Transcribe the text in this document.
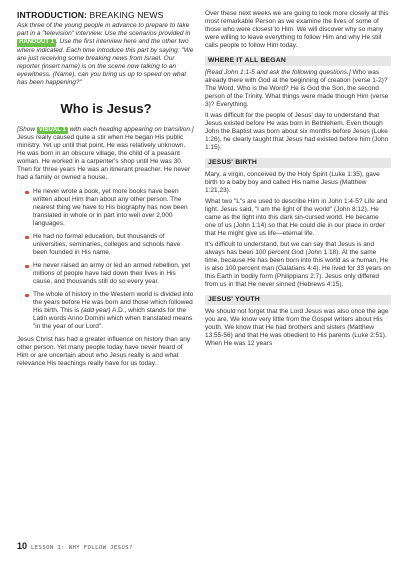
INTRODUCTION: BREAKING NEWS

Ask three of the young people in advance to prepare to take part in a "television" interview. Use the scenarios provided in HANDOUT 1 . Use the first interview here and the other two where indicated. Each time introduce this part by saying: "We are just receiving some breaking news from Israel. Our reporter (insert name) is on the scene now talking to an eyewitness. (Name), can you bring us up to speed on what has been happening?"

Who is Jesus?

[Show VISUAL 1 with each heading appearing on transition.] Jesus really caused quite a stir when He began His public ministry. Yet up until that point, He was relatively unknown. He was born in an obscure village, the child of a peasant woman. He worked in a carpenter's shop until He was 30. Then for three years He was an itinerant preacher. He never had a family or owned a house.

He never wrote a book, yet more books have been written about Him than about any other person. The nearest thing we have to His biography has now been translated in whole or in part into well over 2,000 languages.
He had no formal education, but thousands of universities, seminaries, colleges and schools have been founded in His name.
He never raised an army or led an armed rebellion, yet millions of people have laid down their lives in His cause, and thousands still do so every year.
The whole of history in the Western world is divided into the years before He was born and those which followed His birth. This is (add year) A.D., which stands for the Latin words Anno Domini which when translated means "in the year of our Lord".

Jesus Christ has had a greater influence on history than any other person. Yet many people today have never heard of Him or are uncertain about who Jesus really is and what relevance His teachings really have for us today.

Over these next weeks we are going to look more closely at this most remarkable Person as we examine the lives of some of those who were closest to Him. We will discover why so many were willing to leave everything to follow Him and why He still calls people to follow Him today.

WHERE IT ALL BEGAN

[Read John 1:1-5 and ask the following questions.] Who was already there with God at the beginning of creation (verse 1-2)? The Word. Who is the Word? He is God the Son, the second person of the Trinity. What things were made though Him (verse 3)? Everything.

It was difficult for the people of Jesus' day to understand that Jesus existed before He was born in Bethlehem. Even though John the Baptist was born about six months before Jesus (Luke 1:26), he clearly taught that Jesus had existed before him (John 1:15).

JESUS' BIRTH

Mary, a virgin, conceived by the Holy Spirit (Luke 1:35), gave birth to a baby boy and called His name Jesus (Matthew 1:21,23).

What two "L"s are used to describe Him in John 1:4-5? Life and light. Jesus said, "I am the light of the world" (John 8:12). He came as the light into this dark sin-cursed world. He became one of us (John 1:14) so that He could die in our place in order that He might give us life—eternal life.

It's difficult to understand, but we can say that Jesus is and always has been 100 percent God (John 1:18). At the same time, because He has been born into this world as a human, He is also 100 percent man (Galatians 4:4). He lived for 33 years on this Earth in bodily form (Philippians 2:7). Jesus only differed from us in that He never sinned (Hebrews 4:15).

JESUS' YOUTH

We should not forget that the Lord Jesus was also once the age you are. We know very little from the Gospel writers about His youth. We know that He had brothers and sisters (Matthew 13:55-56) and that He was obedient to His parents (Luke 2:51). When He was 12 years

10 LESSON 1: WHY FOLLOW JESUS?
